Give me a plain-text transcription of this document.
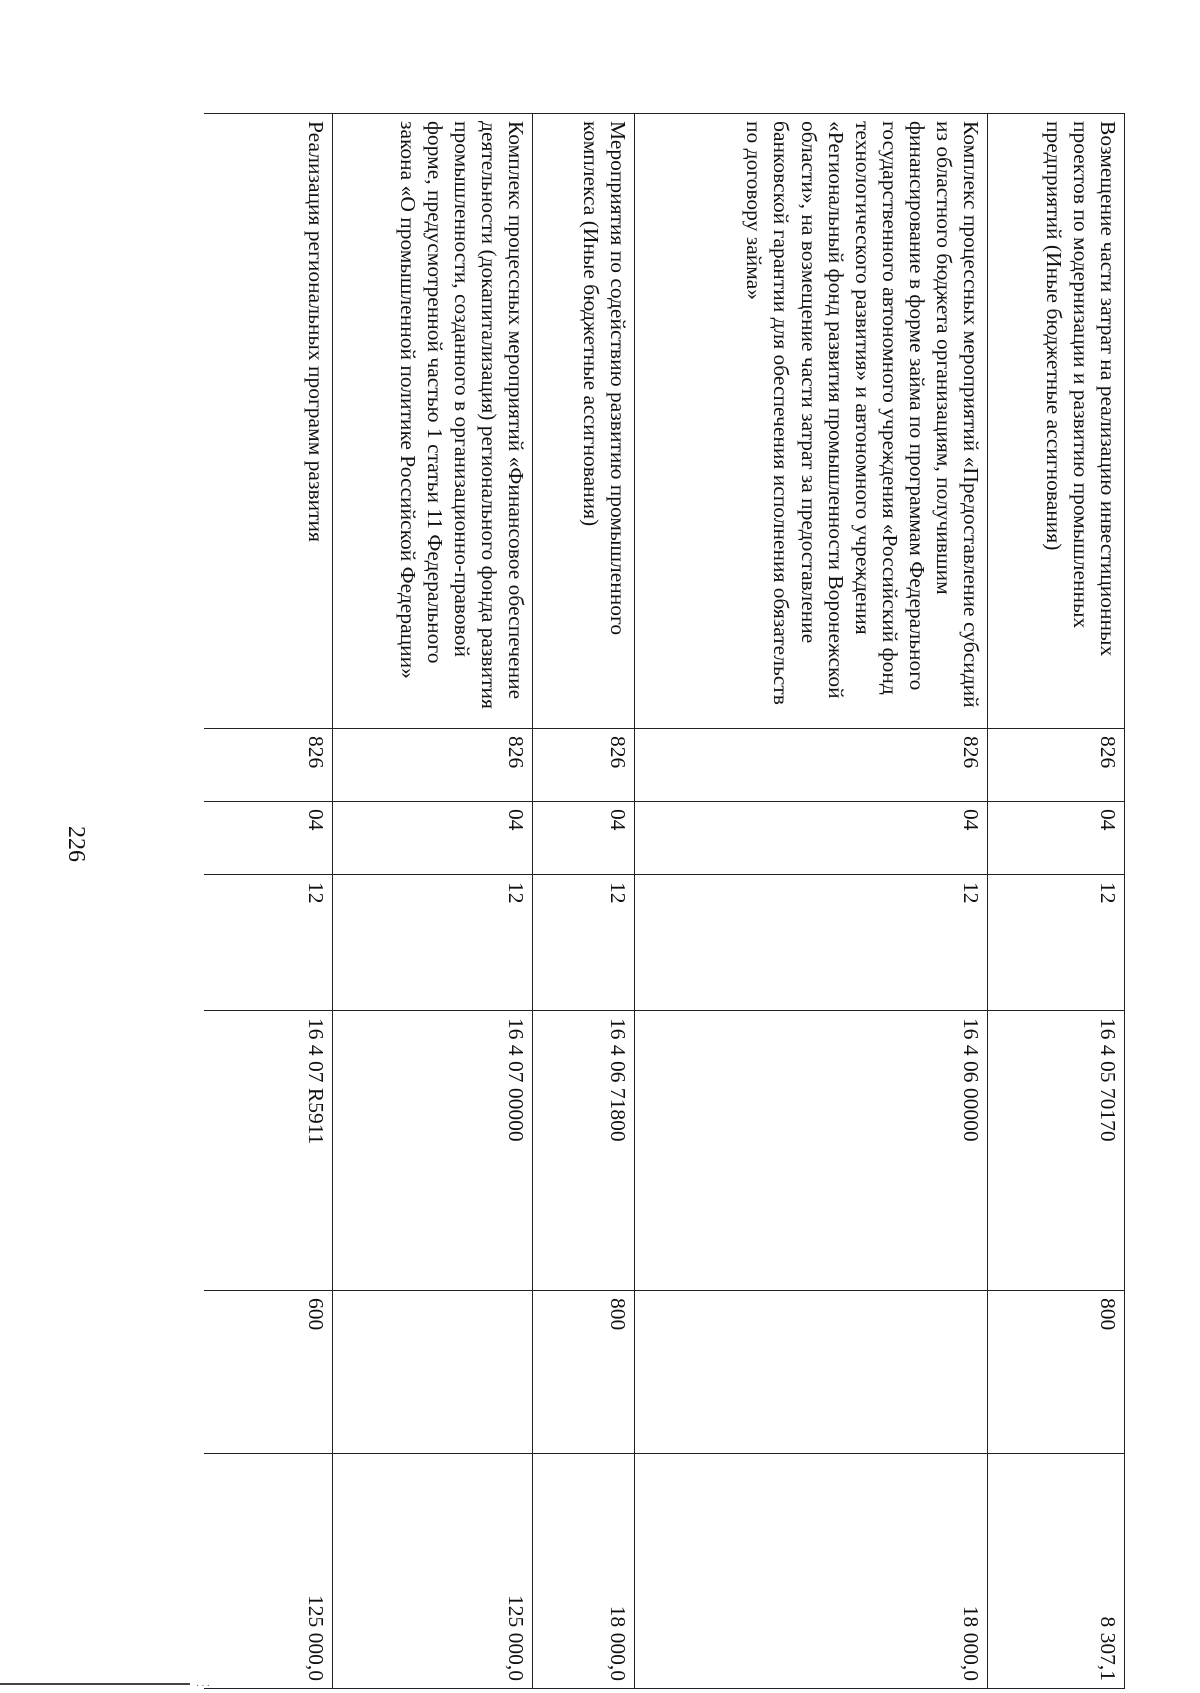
226
Возмещение части затрат на реализацию инвестиционных проектов по модернизации и развитию промышленных предприятий (Иные бюджетные ассигнования)	826	04	12	16 4 05 70170	800	8 307,1
Комплекс процессных мероприятий «Предоставление субсидий из областного бюджета организациям, получившим финансирование в форме займа по программам Федерального государственного автономного учреждения «Российский фонд технологического развития» и автономного учреждения «Региональный фонд развития промышленности Воронежской области», на возмещение части затрат за предоставление банковской гарантии для обеспечения исполнения обязательств по договору займа»	826	04	12	16 4 06 00000		18 000,0
Мероприятия по содействию развитию промышленного комплекса (Иные бюджетные ассигнования)	826	04	12	16 4 06 71800	800	18 000,0
Комплекс процессных мероприятий «Финансовое обеспечение деятельности (докапитализация) регионального фонда развития промышленности, созданного в организационно-правовой форме, предусмотренной частью 1 статьи 11 Федерального закона «О промышленной политике Российской Федерации»	826	04	12	16 4 07 00000		125 000,0
Реализация региональных программ развития	826	04	12	16 4 07 R5911	600	125 000,0
···
